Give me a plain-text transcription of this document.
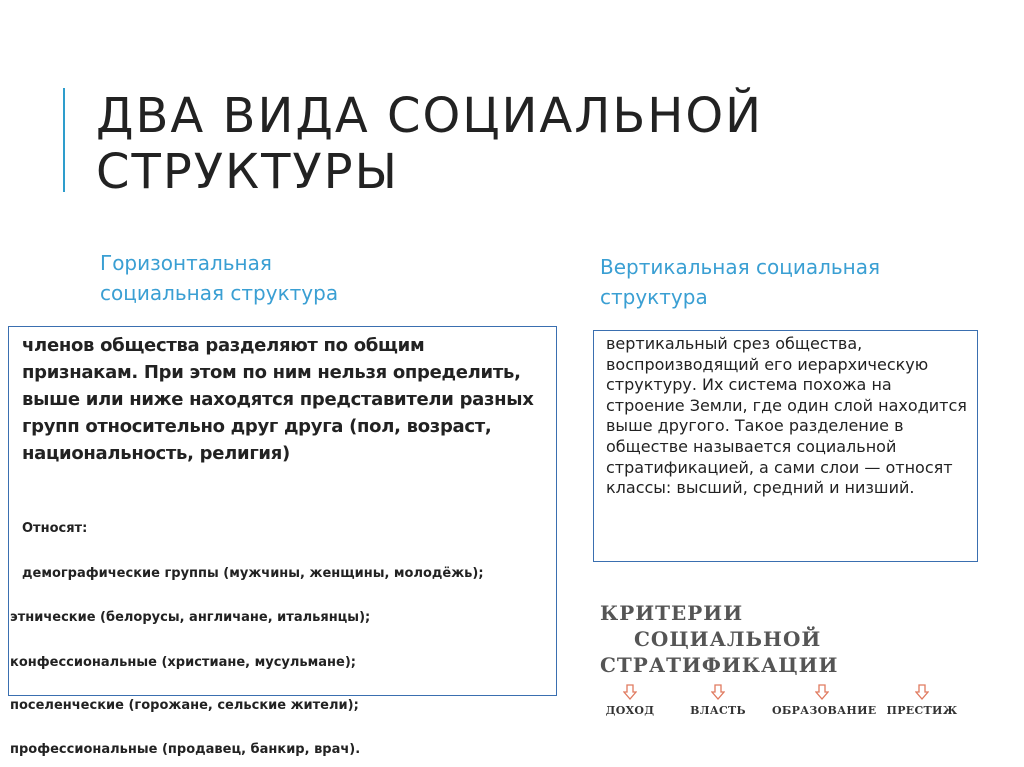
ДВА ВИДА СОЦИАЛЬНОЙ
СТРУКТУРЫ
Горизонтальная
социальная структура
Вертикальная социальная
структура
членов общества разделяют по общим признакам. При этом по ним нельзя определить, выше или ниже находятся представители разных групп относительно друг друга (пол, возраст, национальность, религия)
Относят:
демографические группы (мужчины, женщины, молодёжь);
этнические (белорусы, англичане, итальянцы);
конфессиональные (христиане, мусульмане);
поселенческие (горожане, сельские жители);
профессиональные (продавец, банкир, врач).
вертикальный срез общества, воспроизводящий его иерархическую структуру. Их система похожа на строение Земли, где один слой находится выше другого. Такое разделение в обществе называется социальной стратификацией, а сами слои — относят классы: высший, средний и низший.
КРИТЕРИИ
СОЦИАЛЬНОЙ
СТРАТИФИКАЦИИ
ДОХОД	ВЛАСТЬ	ОБРАЗОВАНИЕ ПРЕСТИЖ
